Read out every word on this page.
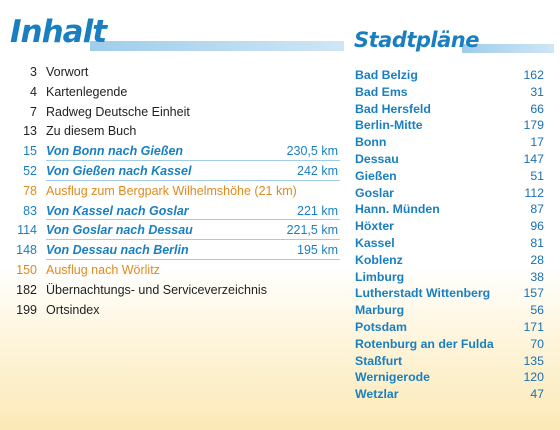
Inhalt	Stadtpläne
3 Vorwort
4 Kartenlegende
7 Radweg Deutsche Einheit
13 Zu diesem Buch
15 Von Bonn nach Gießen	230,5 km
52 Von Gießen nach Kassel	242 km
78 Ausflug zum Bergpark Wilhelmshöhe (21 km)
83 Von Kassel nach Goslar	221 km
114 Von Goslar nach Dessau	221,5 km
148 Von Dessau nach Berlin	195 km
150 Ausflug nach Wörlitz
182 Übernachtungs- und Serviceverzeichnis
199 Ortsindex
Bad Belzig	162
Bad Ems	31
Bad Hersfeld	66
Berlin-Mitte	179
Bonn	17
Dessau	147
Gießen	51
Goslar	112
Hann. Münden	87
Höxter	96
Kassel	81
Koblenz	28
Limburg	38
Lutherstadt Wittenberg	157
Marburg	56
Potsdam	171
Rotenburg an der Fulda	70
Staßfurt	135
Wernigerode	120
Wetzlar	47
